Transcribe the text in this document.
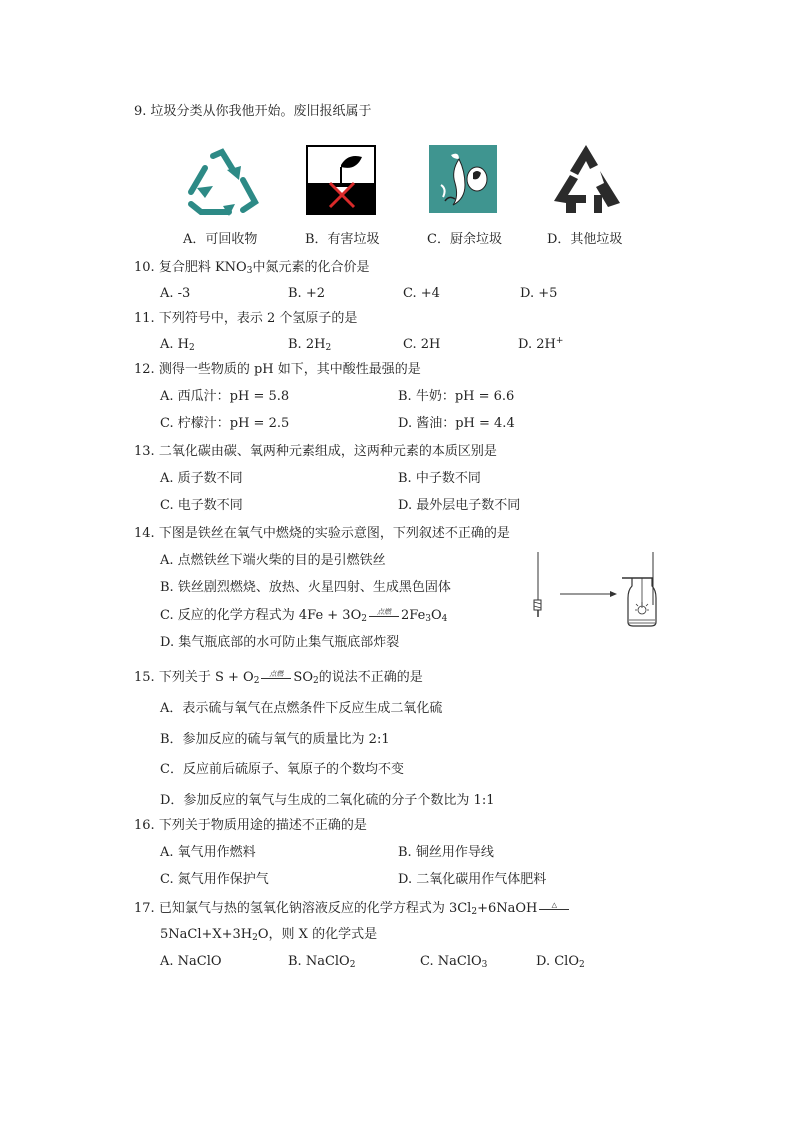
9. 垃圾分类从你我他开始。废旧报纸属于
A．可回收物	B．有害垃圾	C．厨余垃圾	D．其他垃圾
10. 复合肥料 $KNO_3$中氮元素的化合价是
A. -3	B. +2	C. +4	D. +5
11. 下列符号中，表示 2 个氢原子的是
A. $H_2$	B. $2H_2$	C. 2H	D. 2H+
12. 测得一些物质的 pH 如下，其中酸性最强的是
A. 西瓜汁：pH = 5.8	B. 牛奶：pH = 6.6
C. 柠檬汁：pH = 2.5	D. 酱油：pH = 4.4
13. 二氧化碳由碳、氧两种元素组成，这两种元素的本质区别是
A. 质子数不同	B. 中子数不同
C. 电子数不同	D. 最外层电子数不同
14. 下图是铁丝在氧气中燃烧的实验示意图，下列叙述不正确的是
A. 点燃铁丝下端火柴的目的是引燃铁丝
B. 铁丝剧烈燃烧、放热、火星四射、生成黑色固体
C. 反应的化学方程式为 $4Fe + 3O_2$
点燃 $2Fe_3O_4$
D. 集气瓶底部的水可防止集气瓶底部炸裂
15. 下列关于 $S + O_2$
点燃 $SO_2$的说法不正确的是
A．表示硫与氧气在点燃条件下反应生成二氧化硫
B．参加反应的硫与氧气的质量比为 2:1
C．反应前后硫原子、氧原子的个数均不变
D．参加反应的氧气与生成的二氧化硫的分子个数比为 1:1
16. 下列关于物质用途的描述不正确的是
A. 氧气用作燃料	B. 铜丝用作导线
C. 氮气用作保护气	D. 二氧化碳用作气体肥料
17. 已知氯气与热的氢氧化钠溶液反应的化学方程式为 $3Cl_2+6NaOH$	△
$5NaCl+X+3H_2O$，则 X 的化学式是
A. NaClO	B. NaClO$_2$	C. NaClO$_3$	D. ClO$_2$
